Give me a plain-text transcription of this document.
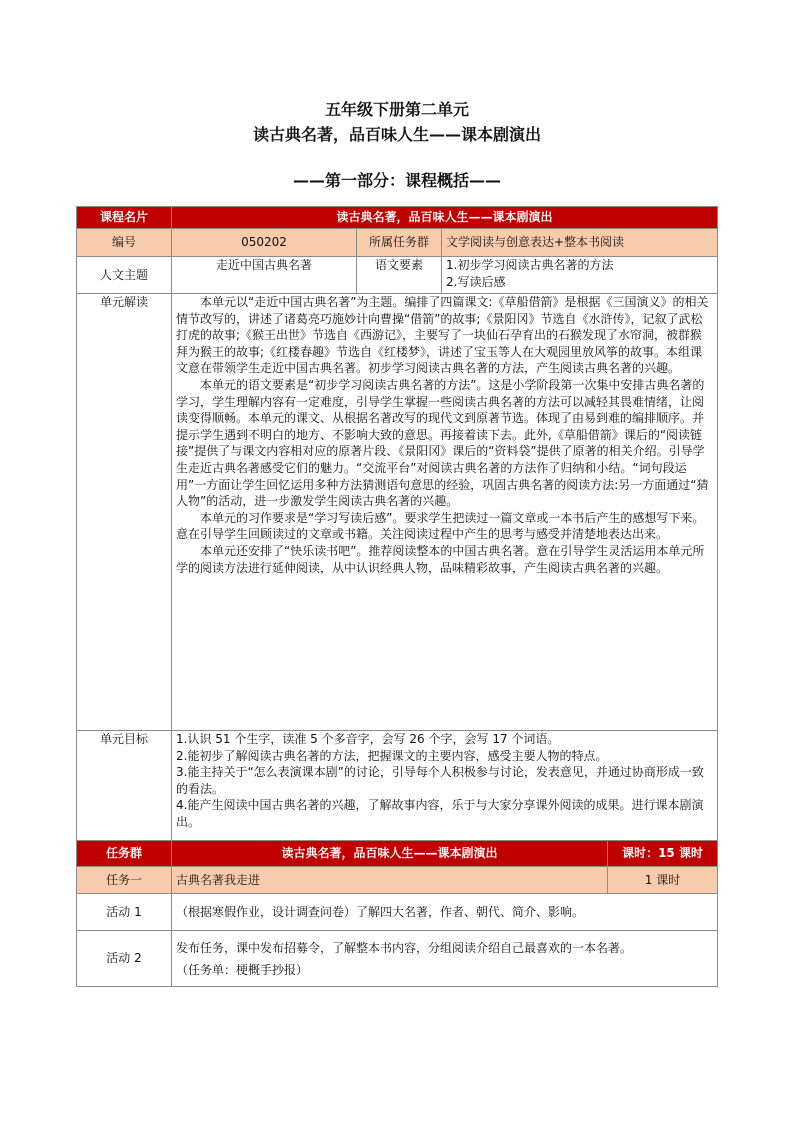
五年级下册第二单元
读古典名著，品百味人生——课本剧演出
——第一部分：课程概括——
课程名片	读古典名著，品百味人生——课本剧演出			
编号	050202	所属任务群	文学阅读与创意表达+整本书阅读	
人文主题	走近中国古典名著	语文要素	1.初步学习阅读古典名著的方法
2.写读后感	

单元解读	本单元以“走近中国古典名著”为主题。编排了四篇课文:《草船借箭》是根据《三国演义》的相关情节改写的，讲述了诸葛亮巧施妙计向曹操“借箭”的故事;《景阳冈》节选自《水浒传》，记叙了武松打虎的故事;《猴王出世》节选自《西游记》，主要写了一块仙石孕育出的石猴发现了水帘洞，被群猴拜为猴王的故事;《红楼春趣》节选自《红楼梦》，讲述了宝玉等人在大观园里放风筝的故事。本组课文意在带领学生走近中国古典名著。初步学习阅读古典名著的方法，产生阅读古典名著的兴趣。
本单元的语文要素是“初步学习阅读古典名著的方法”。这是小学阶段第一次集中安排古典名著的学习，学生理解内容有一定难度，引导学生掌握一些阅读古典名著的方法可以减轻其畏难情绪，让阅读变得顺畅。本单元的课文、从根据名著改写的现代文到原著节选。体现了由易到难的编排顺序。并提示学生遇到不明白的地方、不影响大致的意思。再接着读下去。此外,《草船借箭》课后的“阅读链接”提供了与课文内容相对应的原著片段、《景阳冈》课后的“资料袋”提供了原著的相关介绍。引导学生走近古典名著感受它们的魅力。“交流平台”对阅读古典名著的方法作了归纳和小结。“词句段运用”一方面让学生回忆运用多种方法猜测语句意思的经验，巩固古典名著的阅读方法:另一方面通过“猜人物”的活动，进一步激发学生阅读古典名著的兴趣。
本单元的习作要求是“学习写读后感”。要求学生把读过一篇文章或一本书后产生的感想写下来。意在引导学生回顾读过的文章或书籍。关注阅读过程中产生的思考与感受并清楚地表达出来。
本单元还安排了“快乐读书吧”。推荐阅读整本的中国古典名著。意在引导学生灵活运用本单元所学的阅读方法进行延伸阅读，从中认识经典人物，品味精彩故事，产生阅读古典名著的兴趣。			

单元目标	1.认识 51 个生字，读准 5 个多音字，会写 26 个字，会写 17 个词语。
2.能初步了解阅读古典名著的方法，把握课文的主要内容，感受主要人物的特点。
3.能主持关于“怎么表演课本剧”的讨论，引导每个人积极参与讨论，发表意见，并通过协商形成一致的看法。
4.能产生阅读中国古典名著的兴趣，了解故事内容，乐于与大家分享课外阅读的成果。进行课本剧演出。			

任务群	读古典名著，品百味人生——课本剧演出			课时：15 课时
任务一	古典名著我走进			1 课时
活动 1	（根据寒假作业，设计调查问卷）了解四大名著，作者、朝代、简介、影响。			
活动 2	发布任务，课中发布招募令，了解整本书内容，分组阅读介绍自己最喜欢的一本名著。
（任务单：梗概手抄报）			
